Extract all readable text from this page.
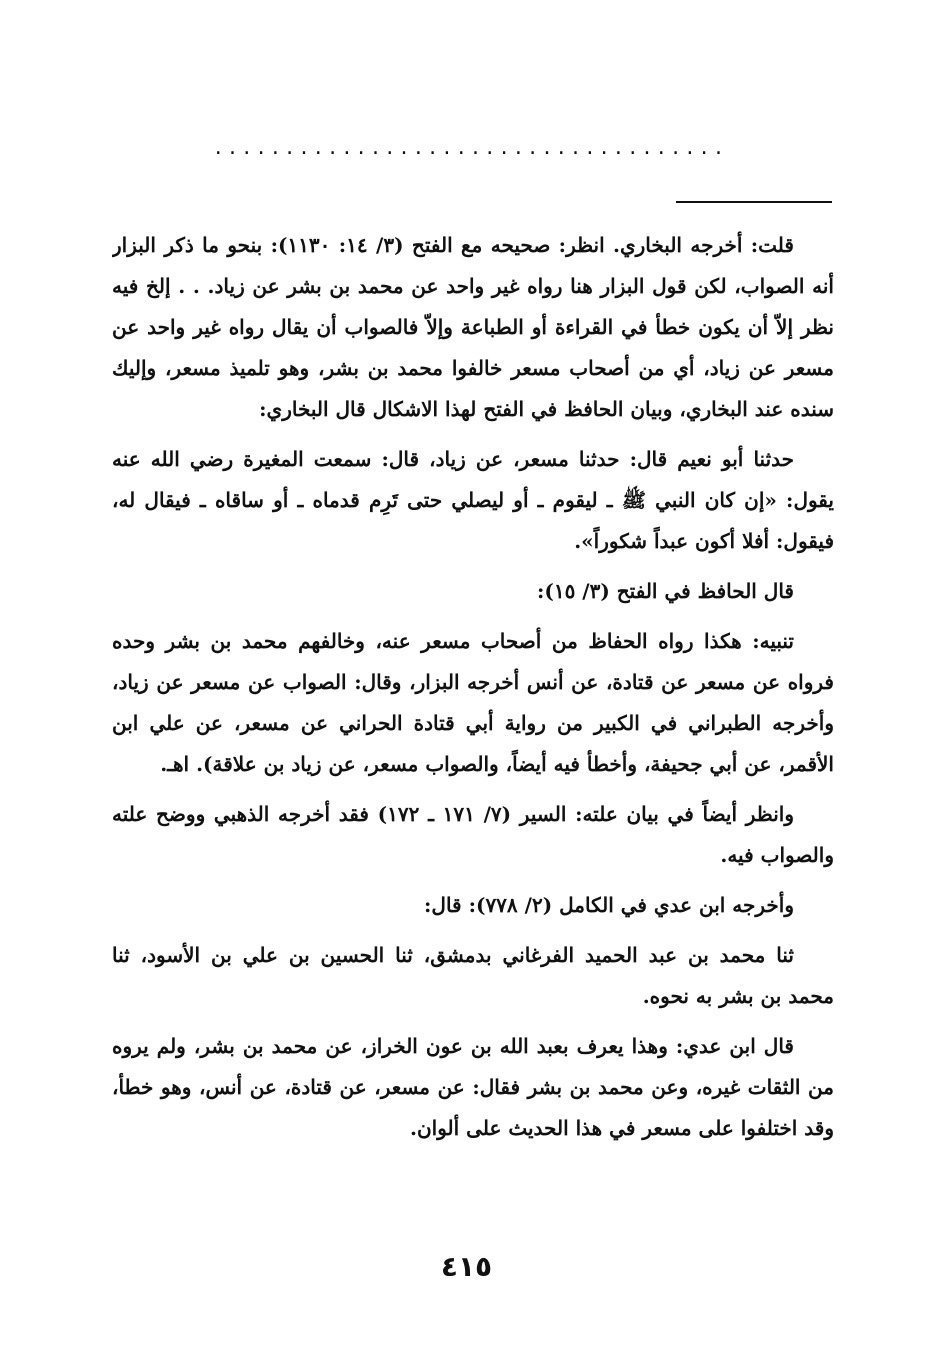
....................................

قلت: أخرجه البخاري. انظر: صحيحه مع الفتح (٣/ ١٤: ١١٣٠): بنحو ما ذكر البزار أنه الصواب، لكن قول البزار هنا رواه غير واحد عن محمد بن بشر عن زياد. . . إلخ فيه نظر إلاّ أن يكون خطأ في القراءة أو الطباعة وإلاّ فالصواب أن يقال رواه غير واحد عن مسعر عن زياد، أي من أصحاب مسعر خالفوا محمد بن بشر، وهو تلميذ مسعر، وإليك سنده عند البخاري، وبيان الحافظ في الفتح لهذا الاشكال قال البخاري:

حدثنا أبو نعيم قال: حدثنا مسعر، عن زياد، قال: سمعت المغيرة رضي الله عنه يقول: «إن كان النبي ﷺ ـ ليقوم ـ أو ليصلي حتى تَرِم قدماه ـ أو ساقاه ـ فيقال له، فيقول: أفلا أكون عبداً شكوراً».

قال الحافظ في الفتح (٣/ ١٥):

تنبيه: هكذا رواه الحفاظ من أصحاب مسعر عنه، وخالفهم محمد بن بشر وحده فرواه عن مسعر عن قتادة، عن أنس أخرجه البزار، وقال: الصواب عن مسعر عن زياد، وأخرجه الطبراني في الكبير من رواية أبي قتادة الحراني عن مسعر، عن علي ابن الأقمر، عن أبي جحيفة، وأخطأ فيه أيضاً، والصواب مسعر، عن زياد بن علاقة). اهـ.

وانظر أيضاً في بيان علته: السير (٧/ ١٧١ ـ ١٧٢) فقد أخرجه الذهبي ووضح علته والصواب فيه.

وأخرجه ابن عدي في الكامل (٢/ ٧٧٨): قال:

ثنا محمد بن عبد الحميد الفرغاني بدمشق، ثنا الحسين بن علي بن الأسود، ثنا محمد بن بشر به نحوه.

قال ابن عدي: وهذا يعرف بعبد الله بن عون الخراز، عن محمد بن بشر، ولم يروه من الثقات غيره، وعن محمد بن بشر فقال: عن مسعر، عن قتادة، عن أنس، وهو خطأ، وقد اختلفوا على مسعر في هذا الحديث على ألوان.

٤١٥
